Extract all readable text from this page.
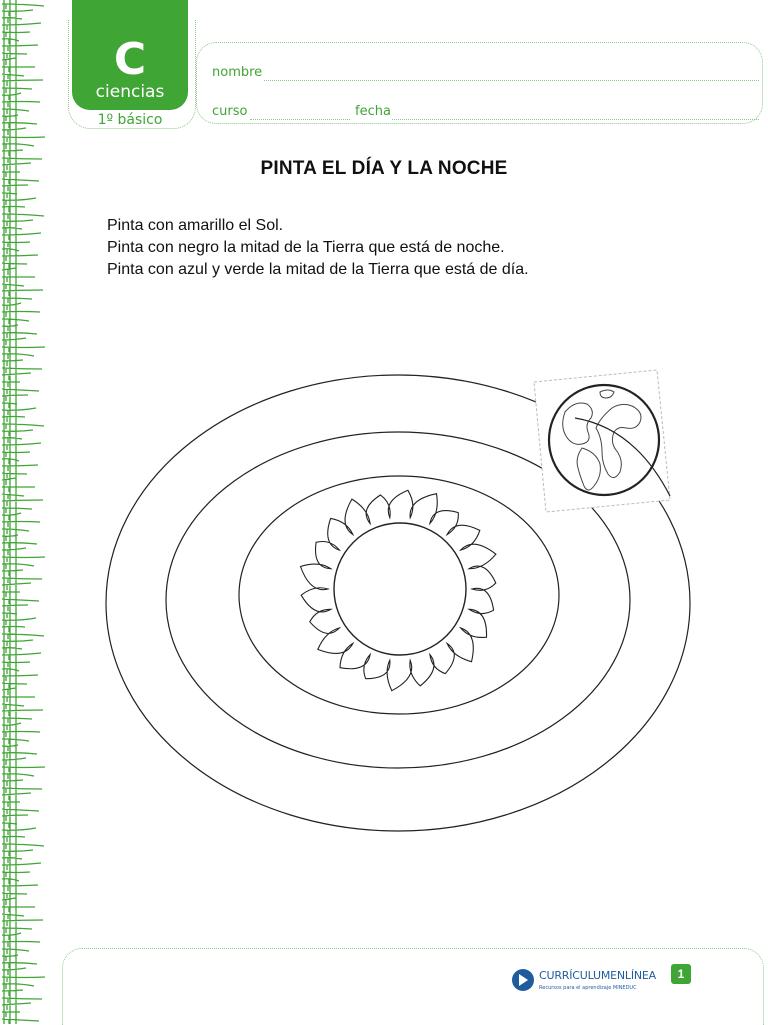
C
ciencias
1º básico
nombre
curso	fecha
PINTA EL DÍA Y LA NOCHE
Pinta con amarillo el Sol.
Pinta con negro la mitad de la Tierra que está de noche.
Pinta con azul y verde la mitad de la Tierra que está de día.
CURRÍCULUMENLÍNEA
Recursos para el aprendizaje MINEDUC
1
